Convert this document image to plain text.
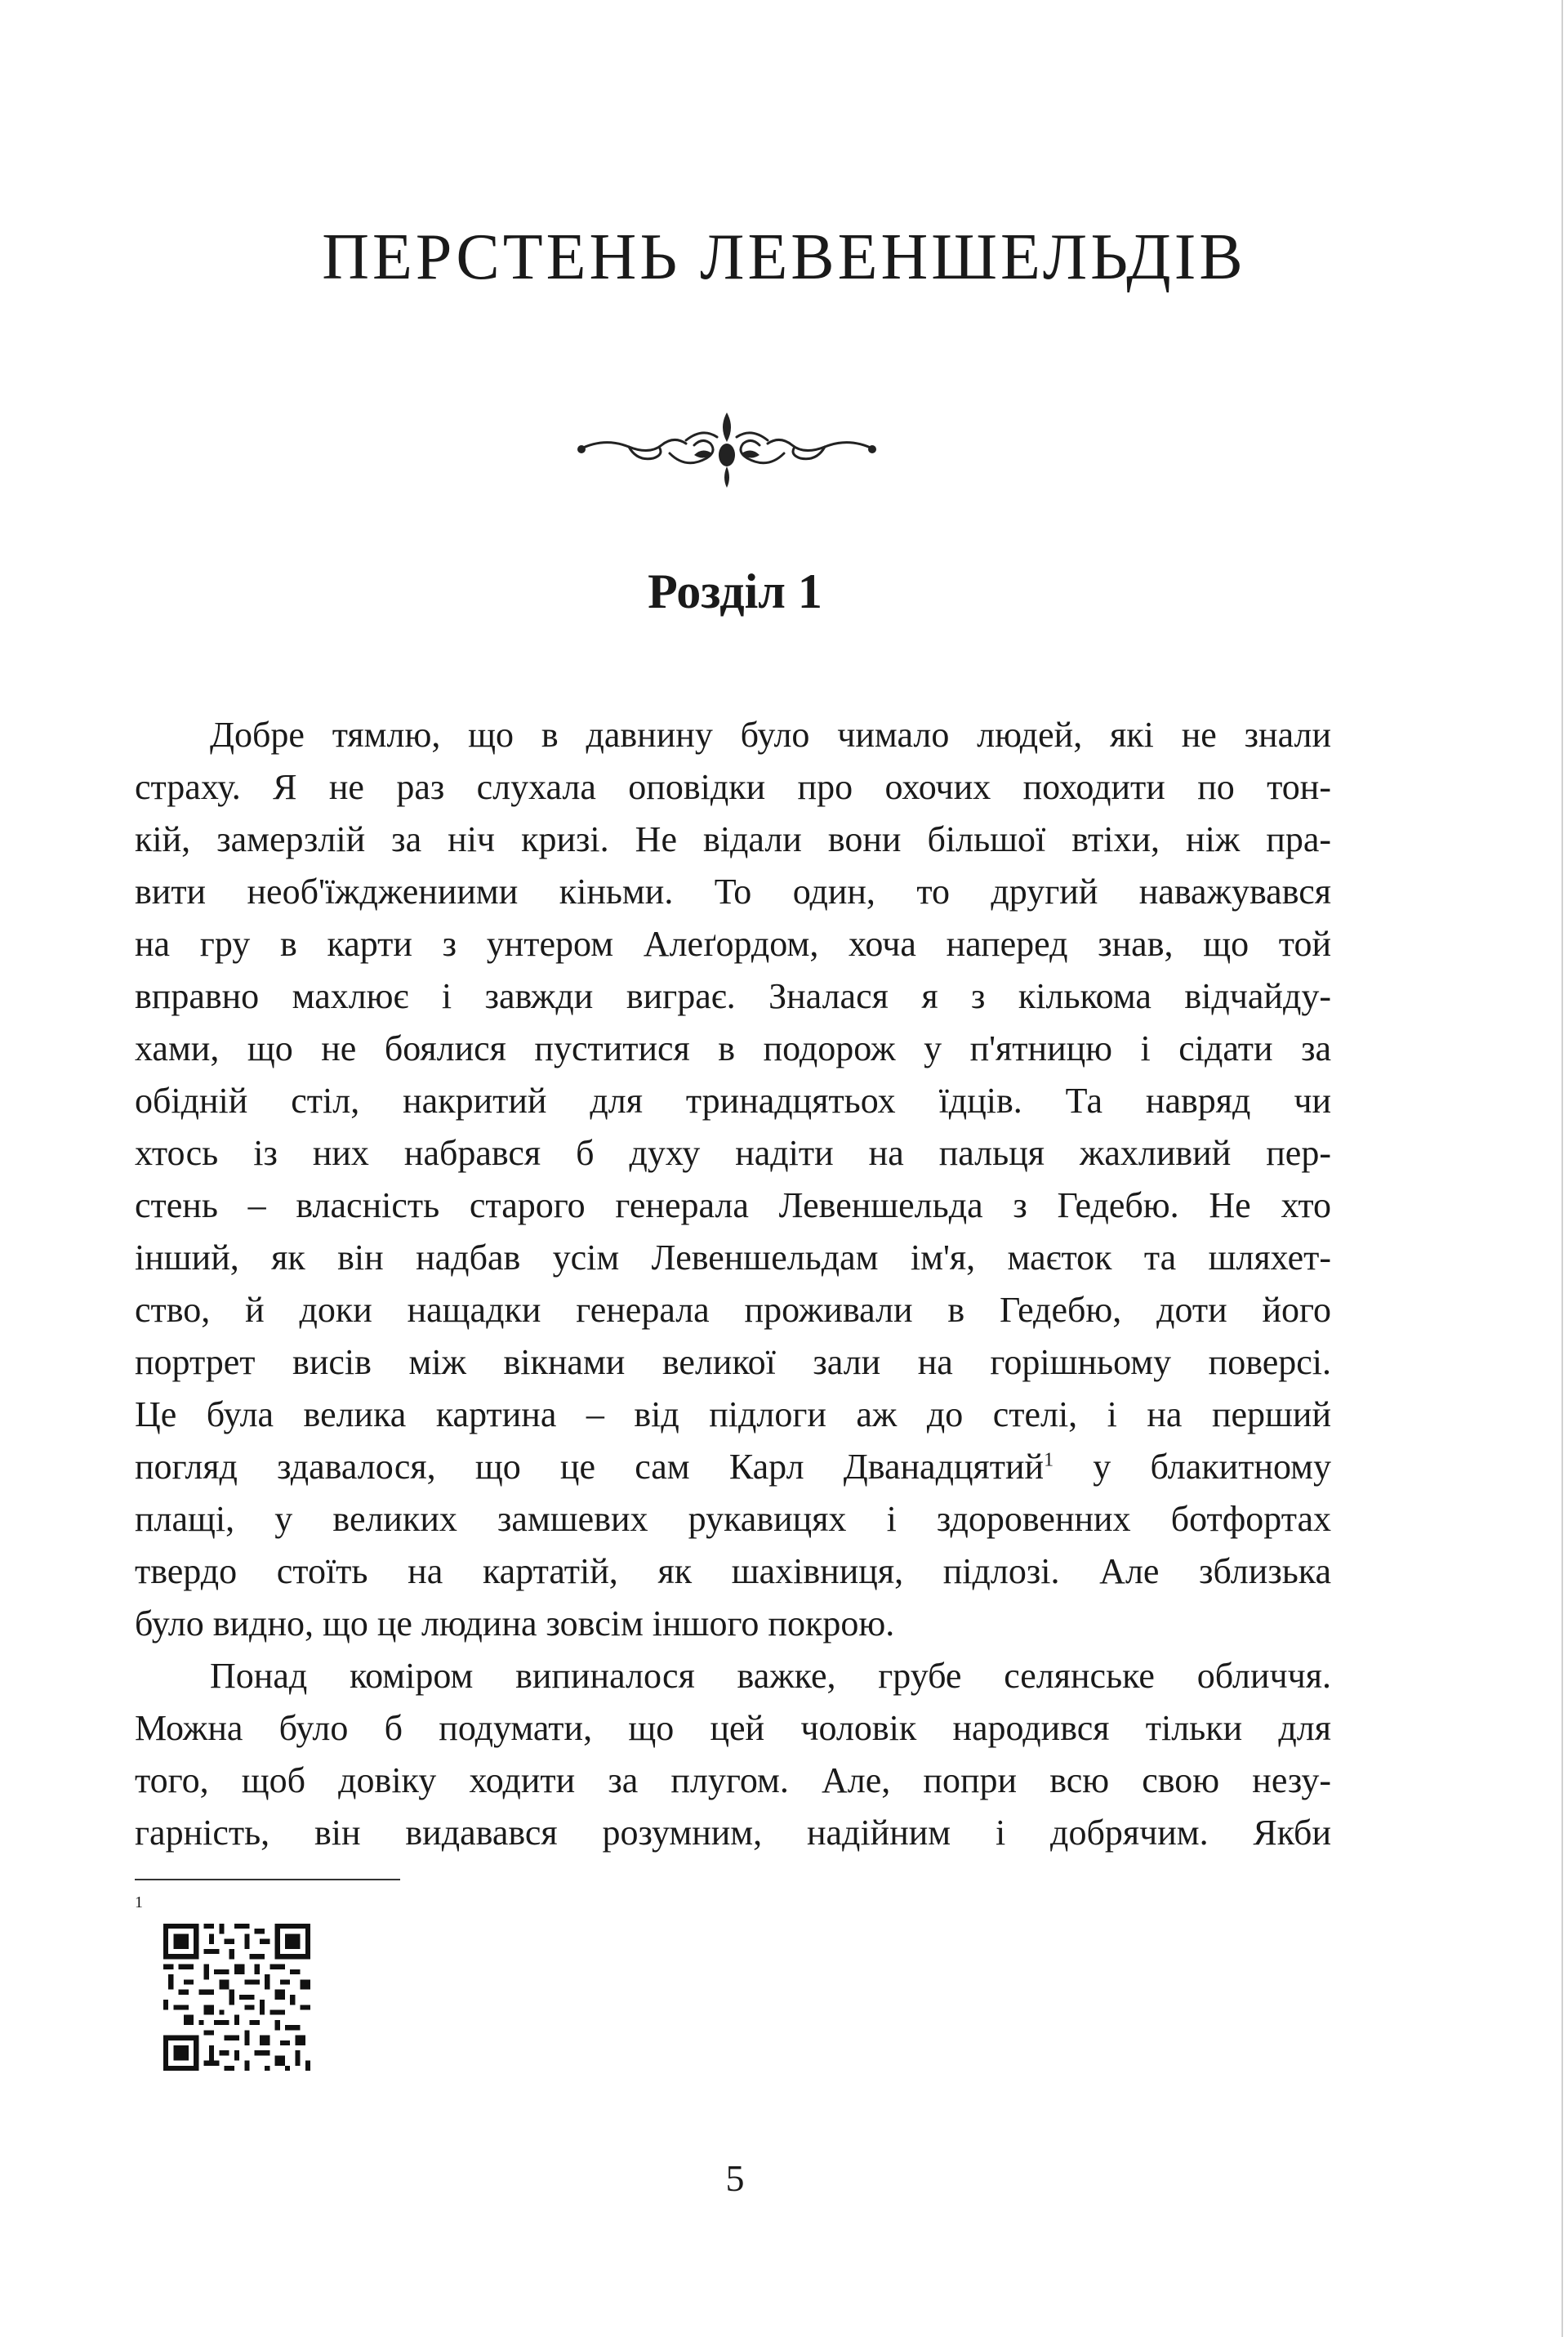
ПЕРСТЕНЬ ЛЕВЕНШЕЛЬДІВ
Розділ 1
Добре тямлю, що в давнину було чимало людей, які не знали
страху. Я не раз слухала оповідки про охочих походити по тон-
кій, замерзлій за ніч кризі. Не відали вони більшої втіхи, ніж пра-
вити необ'їжджениими кіньми. То один, то другий наважувався
на гру в карти з унтером Алеґордом, хоча наперед знав, що той
вправно махлює і завжди виграє. Зналася я з кількома відчайду-
хами, що не боялися пуститися в подорож у п'ятницю і сідати за
обідній стіл, накритий для тринадцятьох їдців. Та навряд чи
хтось із них набрався б духу надіти на пальця жахливий пер-
стень – власність старого генерала Левеншельда з Гедебю. Не хто
інший, як він надбав усім Левеншельдам ім'я, маєток та шляхет-
ство, й доки нащадки генерала проживали в Гедебю, доти його
портрет висів між вікнами великої зали на горішньому поверсі.
Це була велика картина – від підлоги аж до стелі, і на перший
погляд здавалося, що це сам Карл Дванадцятий$^1$ у блакитному
плащі, у великих замшевих рукавицях і здоровенних ботфортах
твердо стоїть на картатій, як шахівниця, підлозі. Але зблизька
було видно, що це людина зовсім іншого покрою.
Понад коміром випиналося важке, грубе селянське обличчя.
Можна було б подумати, що цей чоловік народився тільки для
того, щоб довіку ходити за плугом. Але, попри всю свою незу-
гарність, він видавався розумним, надійним і добрячим. Якби
1
5
